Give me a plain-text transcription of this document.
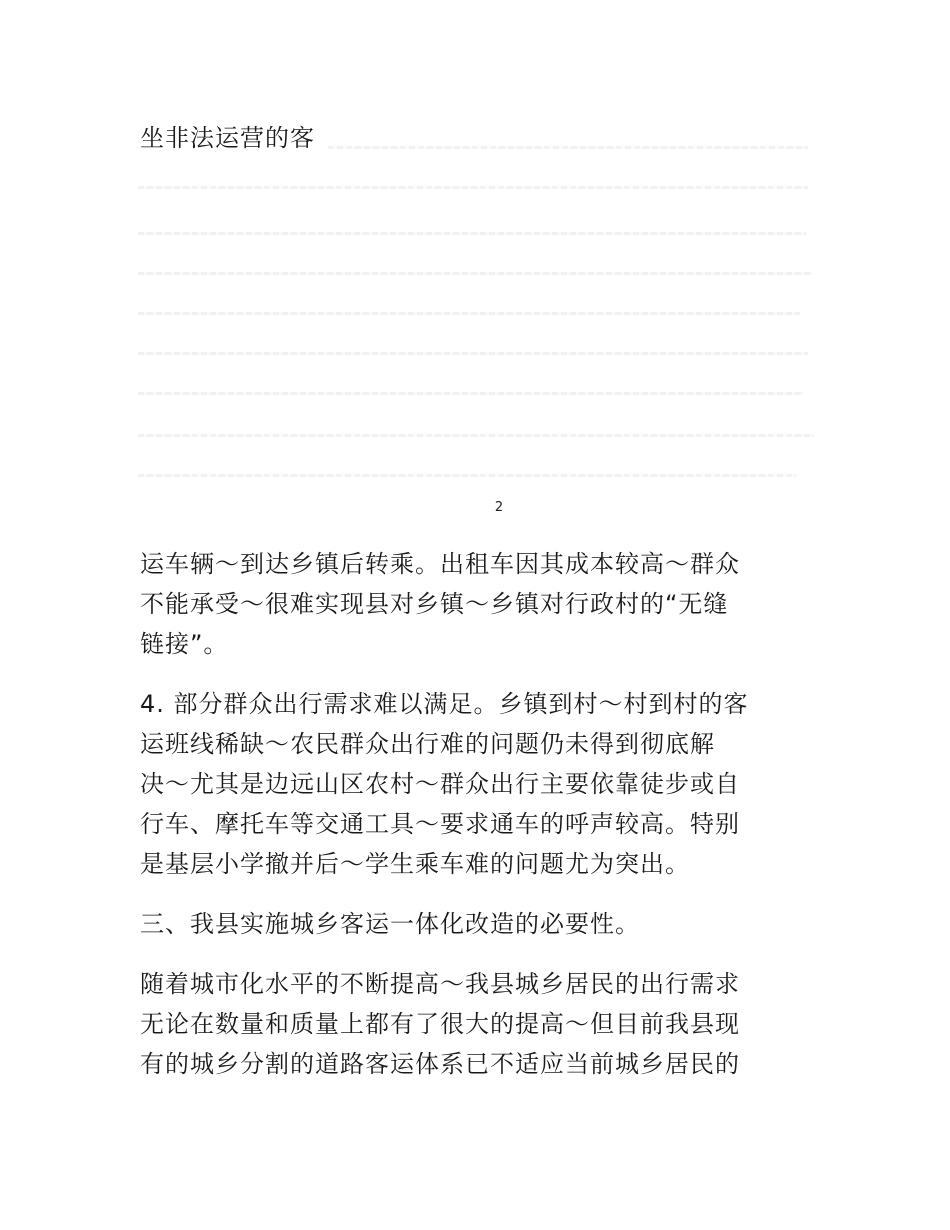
坐非法运营的客
2

运车辆～到达乡镇后转乘。出租车因其成本较高～群众
不能承受～很难实现县对乡镇～乡镇对行政村的“无缝
链接”。

4. 部分群众出行需求难以满足。乡镇到村～村到村的客
运班线稀缺～农民群众出行难的问题仍未得到彻底解
决～尤其是边远山区农村～群众出行主要依靠徒步或自
行车、摩托车等交通工具～要求通车的呼声较高。特别
是基层小学撤并后～学生乘车难的问题尤为突出。

三、我县实施城乡客运一体化改造的必要性。

随着城市化水平的不断提高～我县城乡居民的出行需求
无论在数量和质量上都有了很大的提高～但目前我县现
有的城乡分割的道路客运体系已不适应当前城乡居民的
